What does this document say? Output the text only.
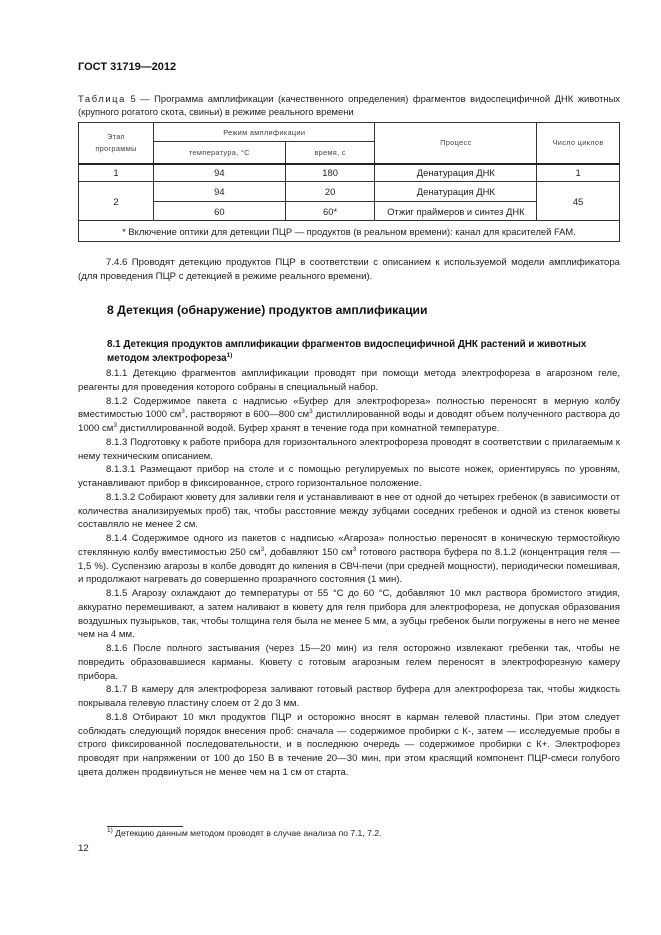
ГОСТ 31719—2012
Таблица 5 — Программа амплификации (качественного определения) фрагментов видоспецифичной ДНК животных (крупного рогатого скота, свиньи) в режиме реального времени
Этап программы	Режим амплификации		Процесс	Число циклов
	температура, °С	время, с		
1	94	180	Денатурация ДНК	1
2	94	20	Денатурация ДНК	45
	60	60*	Отжиг праймеров и синтез ДНК	
* Включение оптики для детекции ПЦР — продуктов (в реальном времени): канал для красителей FAM.				

7.4.6 Проводят детекцию продуктов ПЦР в соответствии с описанием к используемой модели амплификатора (для проведения ПЦР с детекцией в режиме реального времени).

8 Детекция (обнаружение) продуктов амплификации
8.1 Детекция продуктов амплификации фрагментов видоспецифичной ДНК растений и животных методом электрофореза$^{1)}$

8.1.1 Детекцию фрагментов амплификации проводят при помощи метода электрофореза в агарозном геле, реагенты для проведения которого собраны в специальный набор.

8.1.2 Содержимое пакета с надписью «Буфер для электрофореза» полностью переносят в мерную колбу вместимостью 1000 $см^3$, растворяют в 600—800 $см^3$ дистиллированной воды и доводят объем полученного раствора до 1000 $см^3$ дистиллированной водой. Буфер хранят в течение года при комнатной температуре.

8.1.3 Подготовку к работе прибора для горизонтального электрофореза проводят в соответствии с прилагаемым к нему техническим описанием.

8.1.3.1 Размещают прибор на столе и с помощью регулируемых по высоте ножек, ориентируясь по уровням, устанавливают прибор в фиксированное, строго горизонтальное положение.

8.1.3.2 Собирают кювету для заливки геля и устанавливают в нее от одной до четырех гребенок (в зависимости от количества анализируемых проб) так, чтобы расстояние между зубцами соседних гребенок и одной из стенок кюветы составляло не менее 2 см.

8.1.4 Содержимое одного из пакетов с надписью «Агароза» полностью переносят в коническую термостойкую стеклянную колбу вместимостью 250 $см^3$, добавляют 150 $см^3$ готового раствора буфера по 8.1.2 (концентрация геля — 1,5 %). Суспензию агарозы в колбе доводят до кипения в СВЧ-печи (при средней мощности), периодически помешивая, и продолжают нагревать до совершенно прозрачного состояния (1 мин).

8.1.5 Агарозу охлаждают до температуры от 55 °С до 60 °С, добавляют 10 мкл раствора бромистого этидия, аккуратно перемешивают, а затем наливают в кювету для геля прибора для электрофореза, не допуская образования воздушных пузырьков, так, чтобы толщина геля была не менее 5 мм, а зубцы гребенок были погружены в него не менее чем на 4 мм.

8.1.6 После полного застывания (через 15—20 мин) из геля осторожно извлекают гребенки так, чтобы не повредить образовавшиеся карманы. Кювету с готовым агарозным гелем переносят в электрофорезную камеру прибора.

8.1.7 В камеру для электрофореза заливают готовый раствор буфера для электрофореза так, чтобы жидкость покрывала гелевую пластину слоем от 2 до 3 мм.

8.1.8 Отбирают 10 мкл продуктов ПЦР и осторожно вносят в карман гелевой пластины. При этом следует соблюдать следующий порядок внесения проб: сначала — содержимое пробирки с К-, затем — исследуемые пробы в строго фиксированной последовательности, и в последнюю очередь — содержимое пробирки с К+. Электрофорез проводят при напряжении от 100 до 150 В в течение 20—30 мин, при этом красящий компонент ПЦР-смеси голубого цвета должен продвинуться не менее чем на 1 см от старта.

$^{1)}$ Детекцию данным методом проводят в случае анализа по 7.1, 7.2.
12
